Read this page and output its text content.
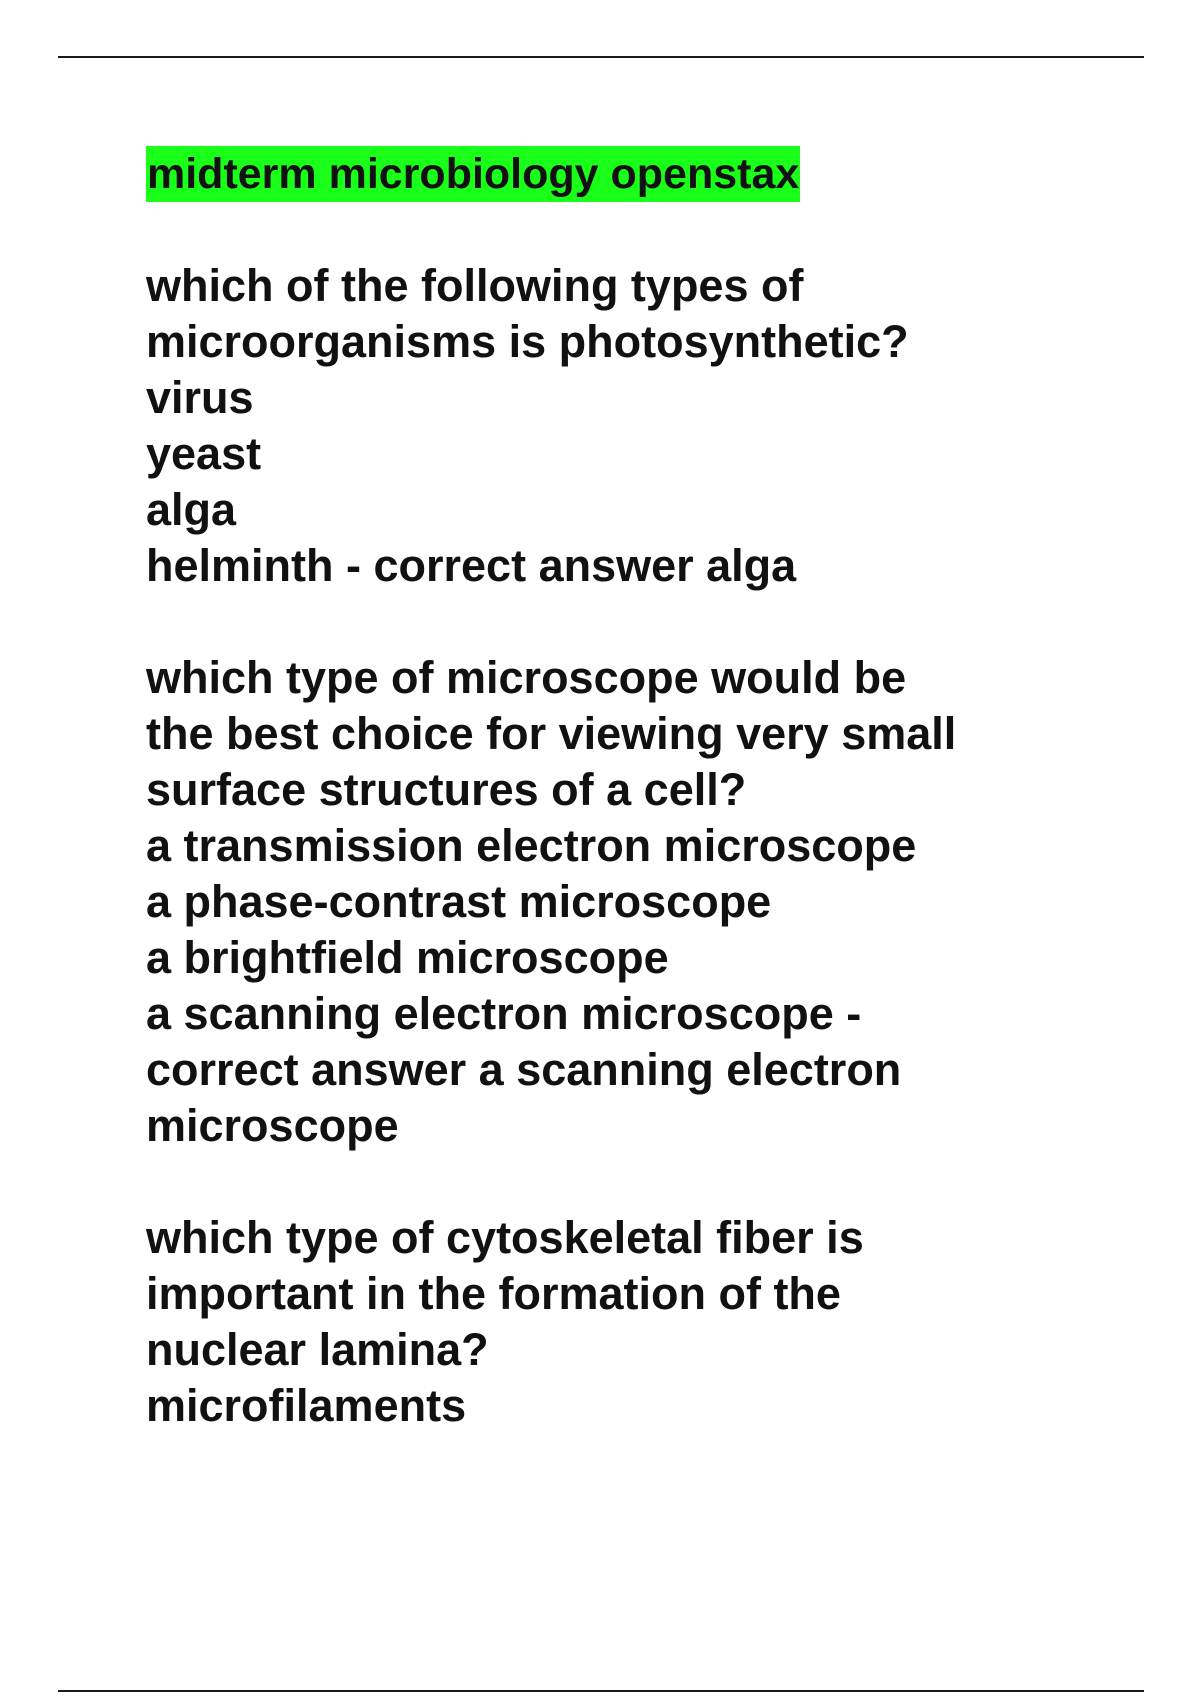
midterm microbiology openstax
which of the following types of
microorganisms is photosynthetic?
virus
yeast
alga
helminth - correct answer alga
which type of microscope would be
the best choice for viewing very small
surface structures of a cell?
a transmission electron microscope
a phase-contrast microscope
a brightfield microscope
a scanning electron microscope -
correct answer a scanning electron
microscope
which type of cytoskeletal fiber is
important in the formation of the
nuclear lamina?
microfilaments
